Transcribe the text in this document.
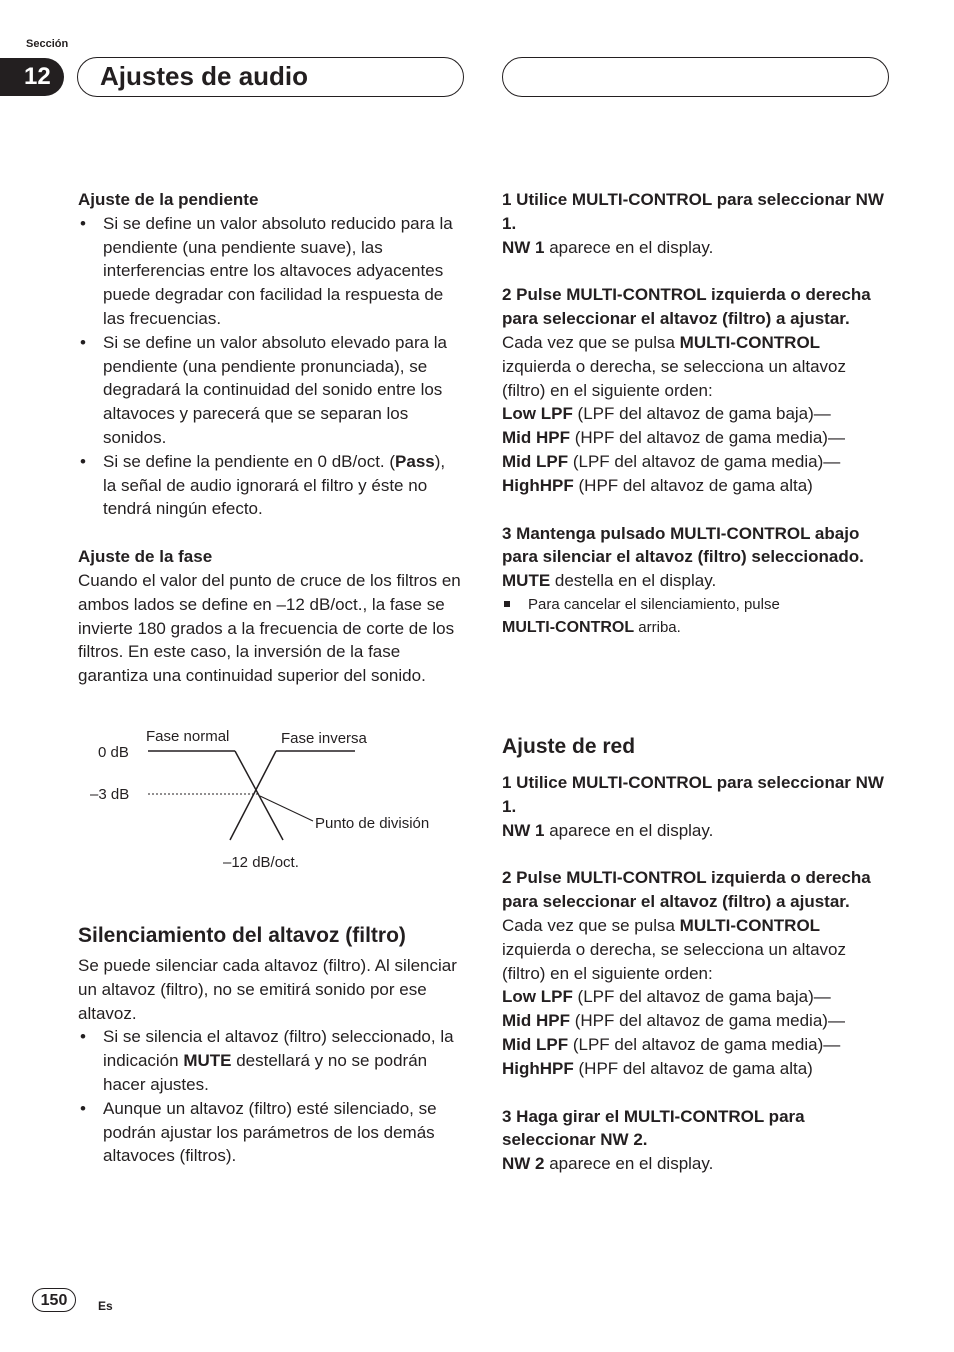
Sección
12	Ajustes de audio

Ajuste de la pendiente

• Si se define un valor absoluto reducido para la pendiente (una pendiente suave), las interferencias entre los altavoces adyacentes puede degradar con facilidad la respuesta de las frecuencias.
• Si se define un valor absoluto elevado para la pendiente (una pendiente pronunciada), se degradará la continuidad del sonido entre los altavoces y parecerá que se separan los sonidos.
• Si se define la pendiente en 0 dB/oct. (Pass), la señal de audio ignorará el filtro y éste no tendrá ningún efecto.

Ajuste de la fase

Cuando el valor del punto de cruce de los filtros en ambos lados se define en –12 dB/oct., la fase se invierte 180 grados a la frecuencia de corte de los filtros. En este caso, la inversión de la fase garantiza una continuidad superior del sonido.

Fase normal	Fase inversa
0 dB
–3 dB
Punto de división
–12 dB/oct.

Silenciamiento del altavoz (filtro)

Se puede silenciar cada altavoz (filtro). Al silenciar un altavoz (filtro), no se emitirá sonido por ese altavoz.

• Si se silencia el altavoz (filtro) seleccionado, la indicación MUTE destellará y no se podrán hacer ajustes.
• Aunque un altavoz (filtro) esté silenciado, se podrán ajustar los parámetros de los demás altavoces (filtros).

1 Utilice MULTI-CONTROL para seleccionar NW 1.

NW 1 aparece en el display.

2 Pulse MULTI-CONTROL izquierda o derecha para seleccionar el altavoz (filtro) a ajustar.

Cada vez que se pulsa MULTI-CONTROL izquierda o derecha, se selecciona un altavoz (filtro) en el siguiente orden:

Low LPF (LPF del altavoz de gama baja)—

Mid HPF (HPF del altavoz de gama media)—

Mid LPF (LPF del altavoz de gama media)—

HighHPF (HPF del altavoz de gama alta)

3 Mantenga pulsado MULTI-CONTROL abajo para silenciar el altavoz (filtro) seleccionado.

MUTE destella en el display.

Para cancelar el silenciamiento, pulse
MULTI-CONTROL arriba.

Ajuste de red

1 Utilice MULTI-CONTROL para seleccionar NW 1.

NW 1 aparece en el display.

2 Pulse MULTI-CONTROL izquierda o derecha para seleccionar el altavoz (filtro) a ajustar.

Cada vez que se pulsa MULTI-CONTROL izquierda o derecha, se selecciona un altavoz (filtro) en el siguiente orden:

Low LPF (LPF del altavoz de gama baja)—

Mid HPF (HPF del altavoz de gama media)—

Mid LPF (LPF del altavoz de gama media)—

HighHPF (HPF del altavoz de gama alta)

3 Haga girar el MULTI-CONTROL para seleccionar NW 2.

NW 2 aparece en el display.

150	Es
